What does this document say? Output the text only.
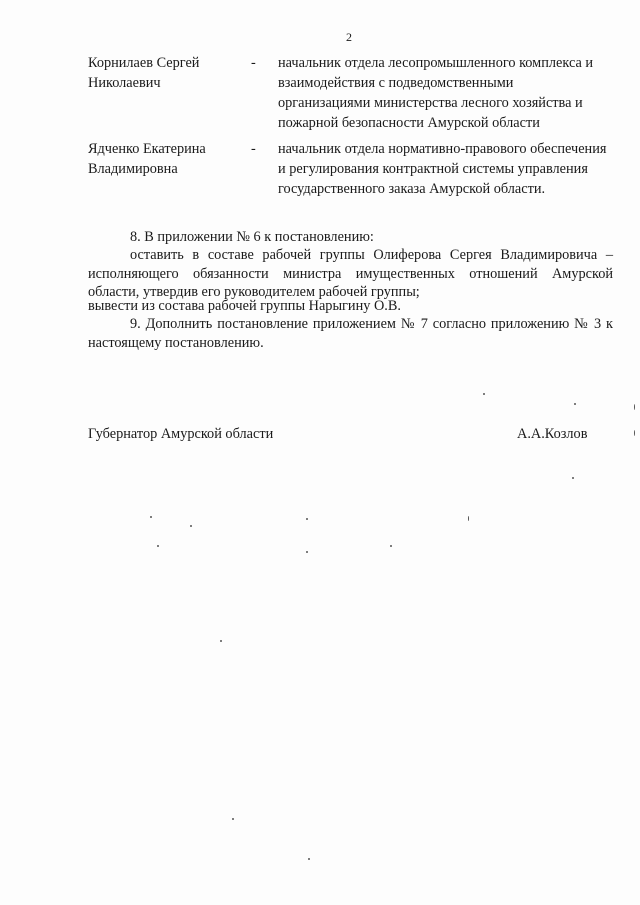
2
Корнилаев Сергей Николаевич
- начальник отдела лесопромышленного комплекса и взаимодействия с подведомственными организациями министерства лесного хозяйства и пожарной безопасности Амурской области
Ядченко Екатерина Владимировна
- начальник отдела нормативно-правового обеспечения и регулирования контрактной системы управления государственного заказа Амурской области.

8. В приложении № 6 к постановлению:

оставить в составе рабочей группы Олиферова Сергея Владимировича – исполняющего обязанности министра имущественных отношений Амурской области, утвердив его руководителем рабочей группы;

вывести из состава рабочей группы Нарыгину О.В.

9. Дополнить постановление приложением № 7 согласно приложению № 3 к настоящему постановлению.

Губернатор Амурской области	А.А.Козлов
